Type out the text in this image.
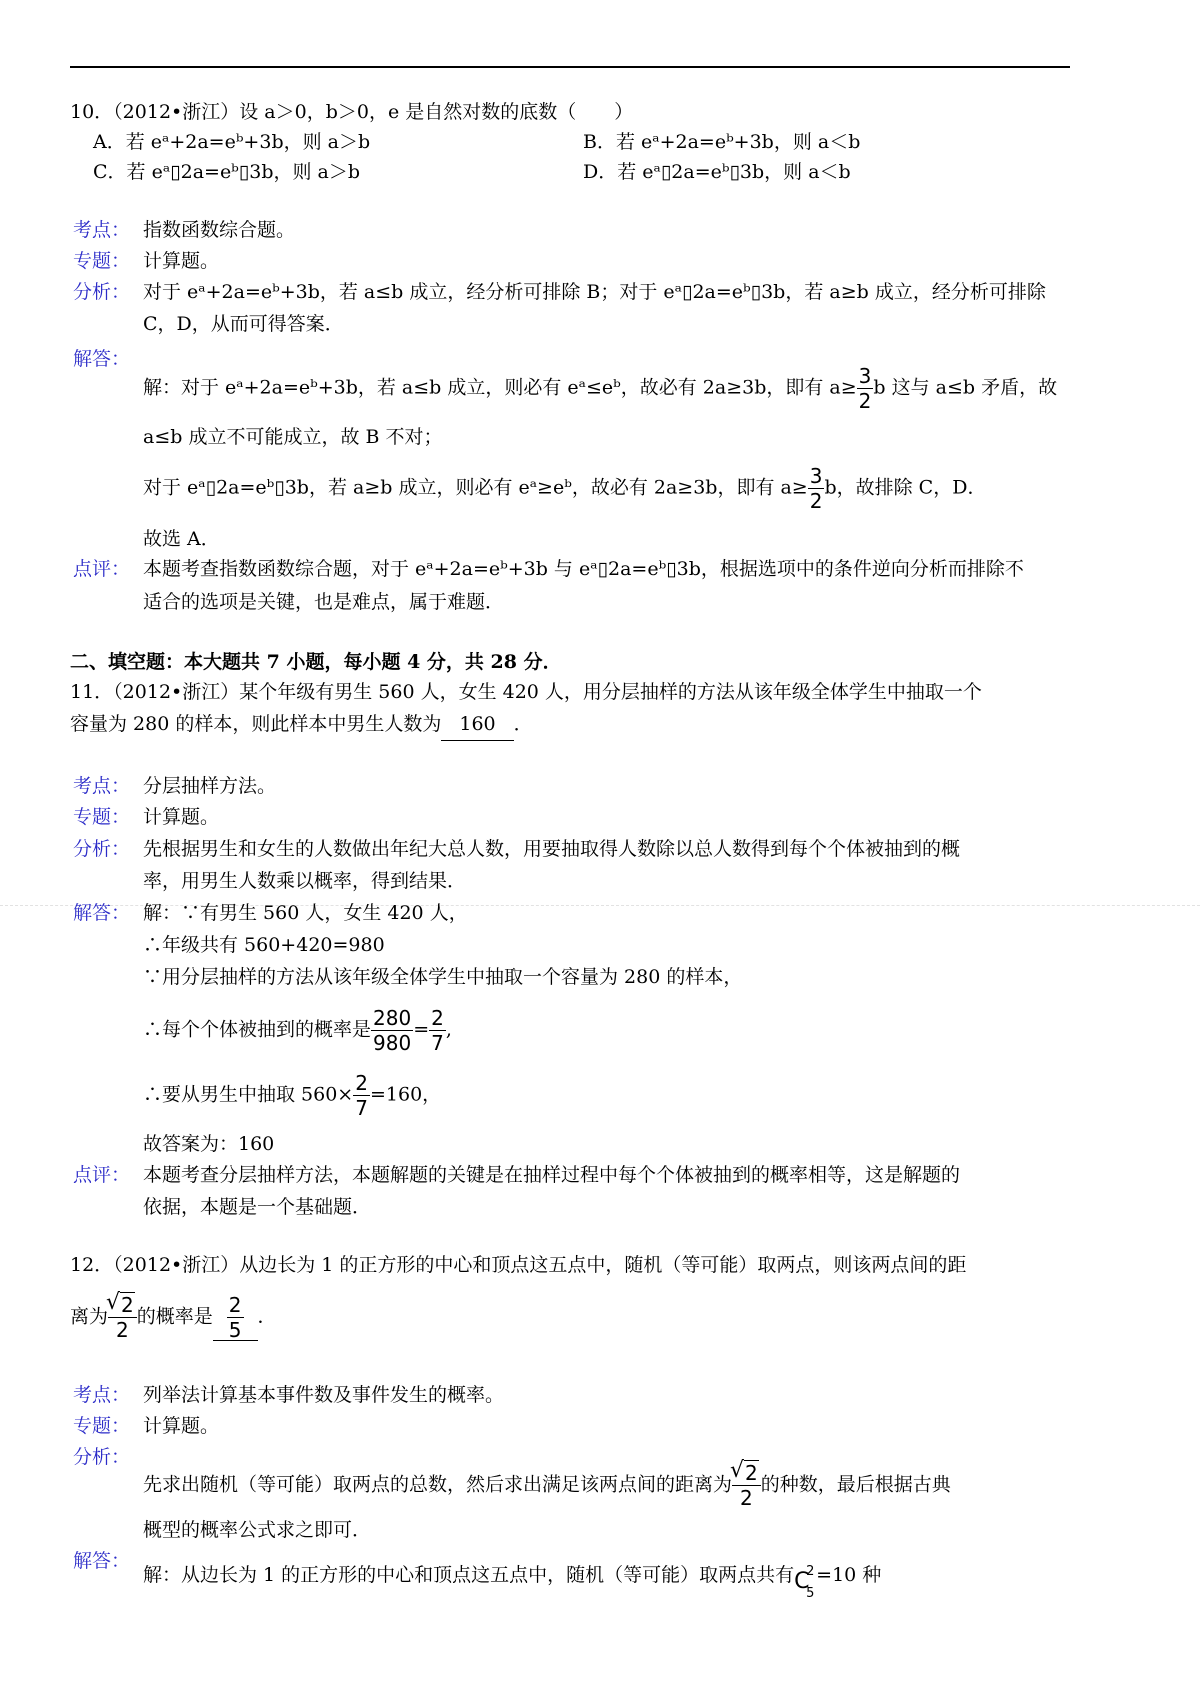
10．（2012•浙江）设 a＞0，b＞0，e 是自然对数的底数（　　）
A．若 eᵃ+2a=eᵇ+3b，则 a＞b	B．若 eᵃ+2a=eᵇ+3b，则 a＜b
C．若 eᵃ▯2a=eᵇ▯3b，则 a＞b	D．若 eᵃ▯2a=eᵇ▯3b，则 a＜b
考点： 指数函数综合题。
专题： 计算题。
分析： 对于 eᵃ+2a=eᵇ+3b，若 a≤b 成立，经分析可排除 B；对于 eᵃ▯2a=eᵇ▯3b，若 a≥b 成立，经分析可排除
C，D，从而可得答案．
解答：
解：对于 eᵃ+2a=eᵇ+3b，若 a≤b 成立，则必有 eᵃ≤eᵇ，故必有 2a≥3b，即有 $a\ge \frac{3}{2}$ b 这与 a≤b 矛盾，故
a≤b 成立不可能成立，故 B 不对；
对于 eᵃ▯2a=eᵇ▯3b，若 a≥b 成立，则必有 eᵃ≥eᵇ，故必有 2a≥3b，即有 $a\ge \frac{3}{2}$ b，故排除 C，D．
故选 A．
点评： 本题考查指数函数综合题，对于 eᵃ+2a=eᵇ+3b 与 eᵃ▯2a=eᵇ▯3b，根据选项中的条件逆向分析而排除不
适合的选项是关键，也是难点，属于难题．
二、填空题：本大题共 7 小题，每小题 4 分，共 28 分．
11．（2012•浙江）某个年级有男生 560 人，女生 420 人，用分层抽样的方法从该年级全体学生中抽取一个
容量为 280 的样本，则此样本中男生人数为 160 ．
考点： 分层抽样方法。
专题： 计算题。
分析： 先根据男生和女生的人数做出年纪大总人数，用要抽取得人数除以总人数得到每个个体被抽到的概
率，用男生人数乘以概率，得到结果．
解答： 解：∵有男生 560 人，女生 420 人，
∴年级共有 560+420=980
∵用分层抽样的方法从该年级全体学生中抽取一个容量为 280 的样本，
∴每个个体被抽到的概率是 $\frac{280}{980} = \frac{2}{7}$ ,
∴要从男生中抽取 $560\times \frac{2}{7} =160$，
故答案为：160
点评： 本题考查分层抽样方法，本题解题的关键是在抽样过程中每个个体被抽到的概率相等，这是解题的
依据，本题是一个基础题．
12．（2012•浙江）从边长为 1 的正方形的中心和顶点这五点中，随机（等可能）取两点，则该两点间的距
离为 √ $\frac{2}{2}$ 的概率是 $\frac{2}{5}$ ．
考点： 列举法计算基本事件数及事件发生的概率。
专题： 计算题。
分析：
先求出随机（等可能）取两点的总数，然后求出满足该两点间的距离为 √ $\frac{2}{2}$ 的种数，最后根据古典
概型的概率公式求之即可．
解答：
解：从边长为 1 的正方形的中心和顶点这五点中，随机（等可能）取两点共有 C
2
5
=10 种
